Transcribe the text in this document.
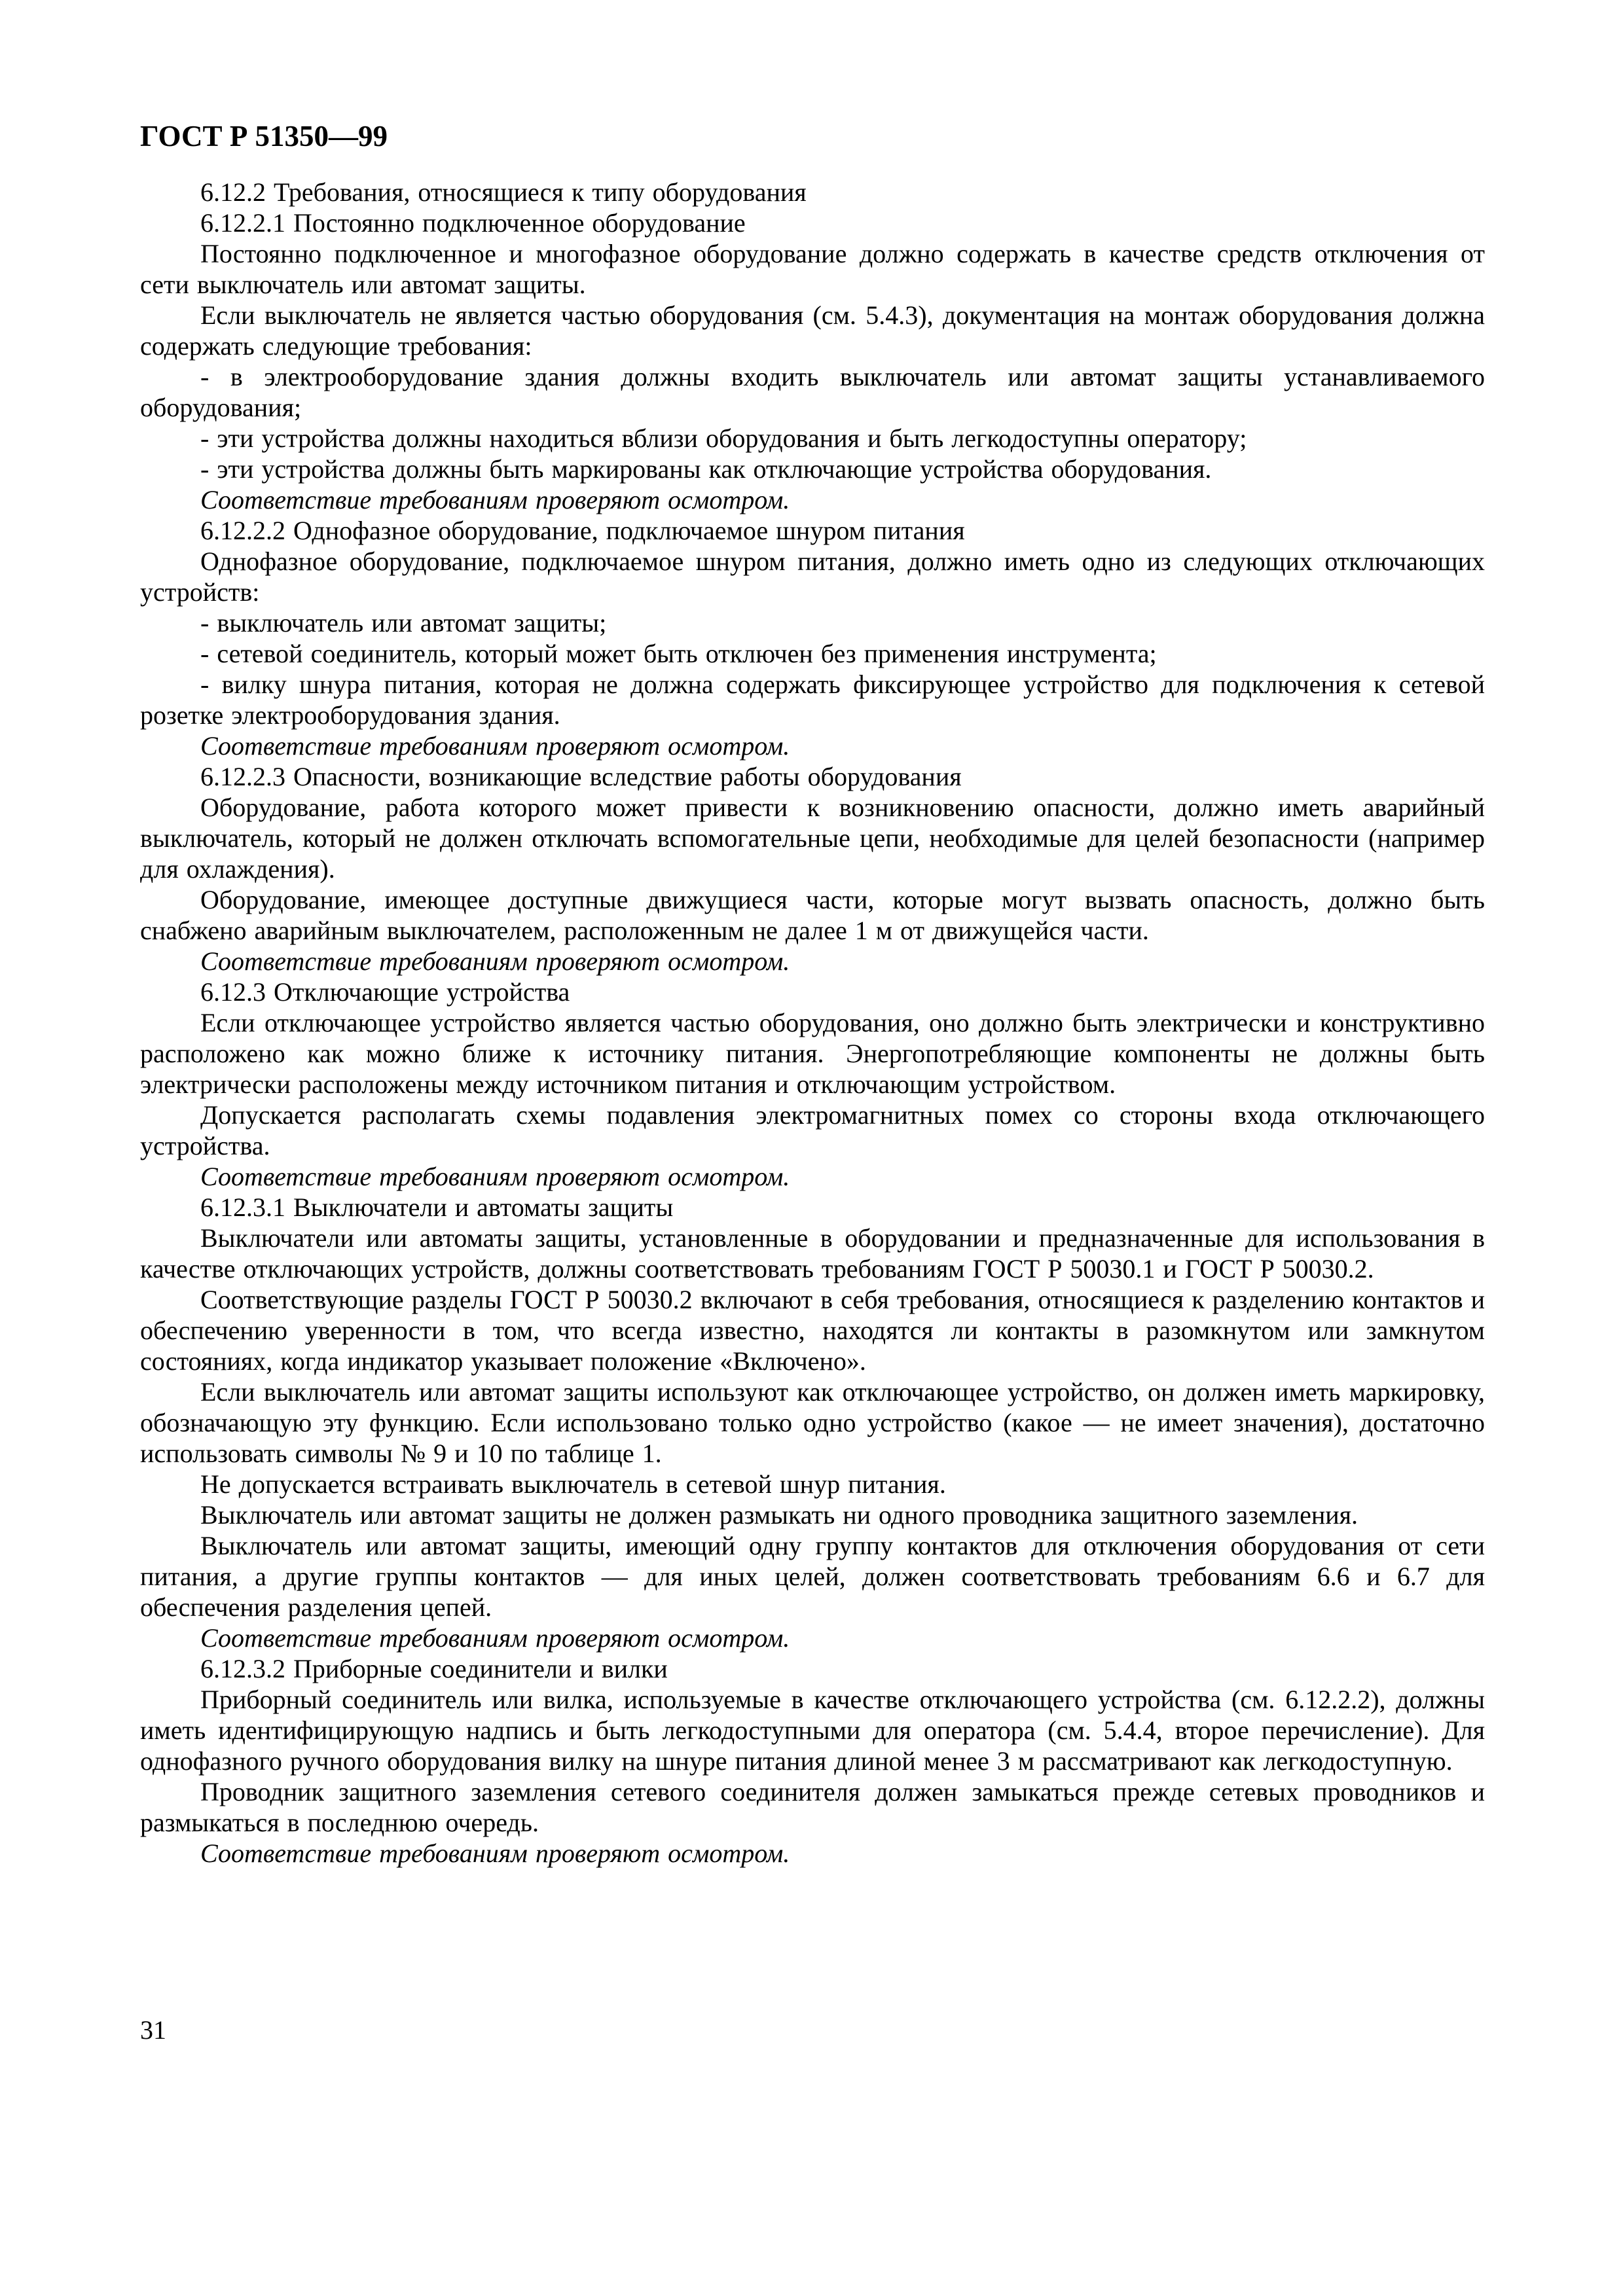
ГОСТ Р 51350—99
6.12.2 Требования, относящиеся к типу оборудования
6.12.2.1 Постоянно подключенное оборудование
Постоянно подключенное и многофазное оборудование должно содержать в качестве средств отключения от сети выключатель или автомат защиты.
Если выключатель не является частью оборудования (см. 5.4.3), документация на монтаж оборудования должна содержать следующие требования:
- в электрооборудование здания должны входить выключатель или автомат защиты устанавливаемого оборудования;
- эти устройства должны находиться вблизи оборудования и быть легкодоступны оператору;
- эти устройства должны быть маркированы как отключающие устройства оборудования.
Соответствие требованиям проверяют осмотром.
6.12.2.2 Однофазное оборудование, подключаемое шнуром питания
Однофазное оборудование, подключаемое шнуром питания, должно иметь одно из следующих отключающих устройств:
- выключатель или автомат защиты;
- сетевой соединитель, который может быть отключен без применения инструмента;
- вилку шнура питания, которая не должна содержать фиксирующее устройство для подключения к сетевой розетке электрооборудования здания.
Соответствие требованиям проверяют осмотром.
6.12.2.3 Опасности, возникающие вследствие работы оборудования
Оборудование, работа которого может привести к возникновению опасности, должно иметь аварийный выключатель, который не должен отключать вспомогательные цепи, необходимые для целей безопасности (например для охлаждения).
Оборудование, имеющее доступные движущиеся части, которые могут вызвать опасность, должно быть снабжено аварийным выключателем, расположенным не далее 1 м от движущейся части.
Соответствие требованиям проверяют осмотром.
6.12.3 Отключающие устройства
Если отключающее устройство является частью оборудования, оно должно быть электрически и конструктивно расположено как можно ближе к источнику питания. Энергопотребляющие компоненты не должны быть электрически расположены между источником питания и отключающим устройством.
Допускается располагать схемы подавления электромагнитных помех со стороны входа отключающего устройства.
Соответствие требованиям проверяют осмотром.
6.12.3.1 Выключатели и автоматы защиты
Выключатели или автоматы защиты, установленные в оборудовании и предназначенные для использования в качестве отключающих устройств, должны соответствовать требованиям ГОСТ Р 50030.1 и ГОСТ Р 50030.2.
Соответствующие разделы ГОСТ Р 50030.2 включают в себя требования, относящиеся к разделению контактов и обеспечению уверенности в том, что всегда известно, находятся ли контакты в разомкнутом или замкнутом состояниях, когда индикатор указывает положение «Включено».
Если выключатель или автомат защиты используют как отключающее устройство, он должен иметь маркировку, обозначающую эту функцию. Если использовано только одно устройство (какое — не имеет значения), достаточно использовать символы № 9 и 10 по таблице 1.
Не допускается встраивать выключатель в сетевой шнур питания.
Выключатель или автомат защиты не должен размыкать ни одного проводника защитного заземления.
Выключатель или автомат защиты, имеющий одну группу контактов для отключения оборудования от сети питания, а другие группы контактов — для иных целей, должен соответствовать требованиям 6.6 и 6.7 для обеспечения разделения цепей.
Соответствие требованиям проверяют осмотром.
6.12.3.2 Приборные соединители и вилки
Приборный соединитель или вилка, используемые в качестве отключающего устройства (см. 6.12.2.2), должны иметь идентифицирующую надпись и быть легкодоступными для оператора (см. 5.4.4, второе перечисление). Для однофазного ручного оборудования вилку на шнуре питания длиной менее 3 м рассматривают как легкодоступную.
Проводник защитного заземления сетевого соединителя должен замыкаться прежде сетевых проводников и размыкаться в последнюю очередь.
Соответствие требованиям проверяют осмотром.
31
